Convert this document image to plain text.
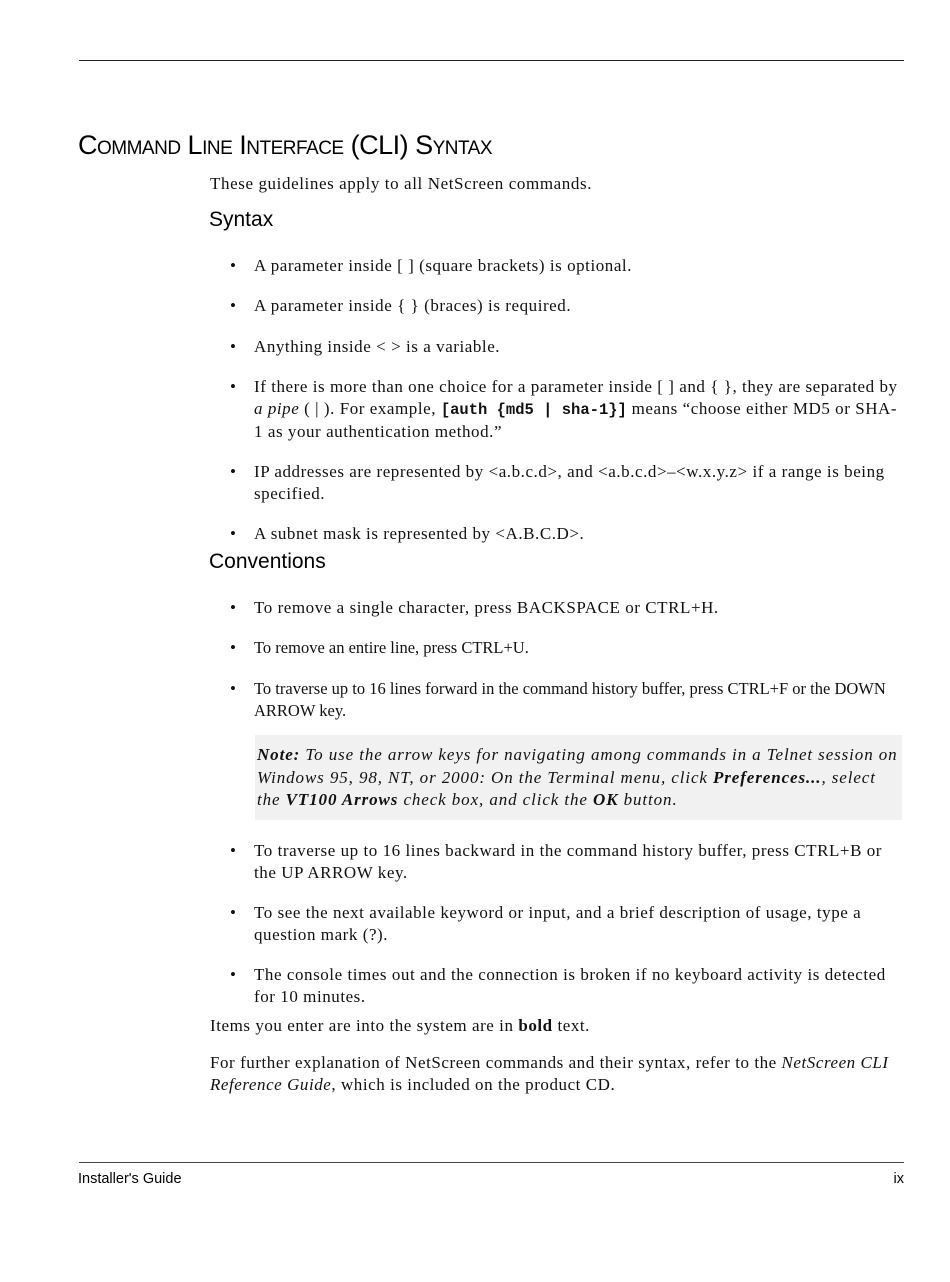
Command Line Interface (CLI) Syntax
These guidelines apply to all NetScreen commands.
Syntax
• A parameter inside [ ] (square brackets) is optional.
• A parameter inside { } (braces) is required.
• Anything inside < > is a variable.
• If there is more than one choice for a parameter inside [ ] and { }, they are separated by a pipe ( | ). For example, [auth {md5 | sha-1}] means “choose either MD5 or SHA-1 as your authentication method.”
• IP addresses are represented by <a.b.c.d>, and <a.b.c.d>–<w.x.y.z> if a range is being specified.
• A subnet mask is represented by <A.B.C.D>.
Conventions
• To remove a single character, press BACKSPACE or CTRL+H.
• To remove an entire line, press CTRL+U.
• To traverse up to 16 lines forward in the command history buffer, press CTRL+F or the DOWN ARROW key.
Note: To use the arrow keys for navigating among commands in a Telnet session on Windows 95, 98, NT, or 2000: On the Terminal menu, click Preferences..., select the VT100 Arrows check box, and click the OK button.
• To traverse up to 16 lines backward in the command history buffer, press CTRL+B or the UP ARROW key.
• To see the next available keyword or input, and a brief description of usage, type a question mark (?).
• The console times out and the connection is broken if no keyboard activity is detected for 10 minutes.
Items you enter are into the system are in bold text.
For further explanation of NetScreen commands and their syntax, refer to the NetScreen CLI Reference Guide, which is included on the product CD.
Installer's Guide	ix
